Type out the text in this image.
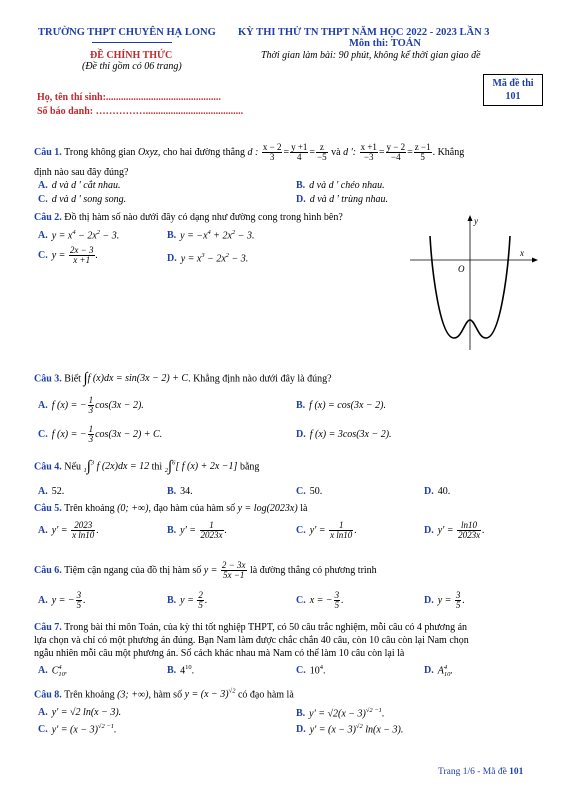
TRƯỜNG THPT CHUYÊN HẠ LONG KỲ THI THỬ TN THPT NĂM HỌC 2022 - 2023 LẦN 3
Môn thi: TOÁN
ĐỀ CHÍNH THỨC
(Đề thi gồm có 06 trang)
Thời gian làm bài: 90 phút, không kể thời gian giao đề
Mã đề thi
101
Họ, tên thí sinh:..............................................
Số báo danh: …………….......................................
Câu 1. Trong không gian Oxyz, cho hai đường thẳng d : $\frac{x - 2}{3} = \frac{y +1}{4} = \frac{z}{-5}$ và d ': $\frac{x +1}{-3} = \frac{y - 2}{-4} = \frac{z -1}{5}$ . Khẳng
định nào sau đây đúng?
A. d và d ' cắt nhau.	B. d và d ' chéo nhau.
C. d và d ' song song.	D. d và d ' trùng nhau.
Câu 2. Đồ thị hàm số nào dưới đây có dạng như đường cong trong hình bên?
A. $y = x^4 - 2x^2 - 3$.	B. $y = -x^4 + 2x^2 - 3$.
C. $y = \frac{2x - 3}{x +1}$ .	D. $y = x^3 - 2x^2 - 3$.
y
x
O
Câu 3. Biết ∫f (x)dx = sin(3x − 2) + C. Khẳng định nào dưới đây là đúng?
A. f (x) = − $\frac{1}{3} \cos(3x - 2)$.	B. f (x) = cos(3x − 2).
C. f (x) = − $\frac{1}{3} \cos(3x - 2) + C$.	D. f (x) = 3cos(3x − 2).
Câu 4. Nếu $_1$∫$^3$ f (2x)dx = 12 thì $_2$∫$^6$[ f (x) + 2x −1] bằng
A. 52.	B. 34.	C. 50.	D. 40.
Câu 5. Trên khoảng (0; +∞), đạo hàm của hàm số y = log(2023x) là
A. $y' = \frac{2023}{\text{x ln10}}$ .	B. $y' = \frac{1}{2023x}$ .	C. $y' = \frac{1}{\text{x ln10}}$ .	D. $y' = \frac{\ln 10}{2023x}$ .
Câu 6. Tiệm cận ngang của đồ thị hàm số $y = \frac{2 - 3x}{5x -1}$ là đường thẳng có phương trình
A. y = − $\frac{3}{5}$ .	B. $y = \frac{2}{5}$ .	C. x = − $\frac{3}{5}$ .	D. $y = \frac{3}{5}$ .
Câu 7. Trong bài thi môn Toán, của kỳ thi tốt nghiệp THPT, có 50 câu trắc nghiệm, mỗi câu có 4 phương án
lựa chọn và chỉ có một phương án đúng. Bạn Nam làm được chắc chắn 40 câu, còn 10 câu còn lại Nam chọn
ngẫu nhiên mỗi câu một phương án. Số cách khác nhau mà Nam có thể làm 10 câu còn lại là
A. C 4
10 .	B. $4^{10}$.	C. $10^4$.	D. A 4
10 .
Câu 8. Trên khoảng (3; +∞), hàm số $y = (x - 3)^{√2}$ có đạo hàm là
A. y' = √2 ln(x − 3).	B. $y' = √2(x - 3)^{√2 -1}$.
C. $y' = (x - 3)^{√2 -1}$.	D. $y' = (x - 3)^{√2}$ ln(x − 3).
Trang 1/6 - Mã đề 101
